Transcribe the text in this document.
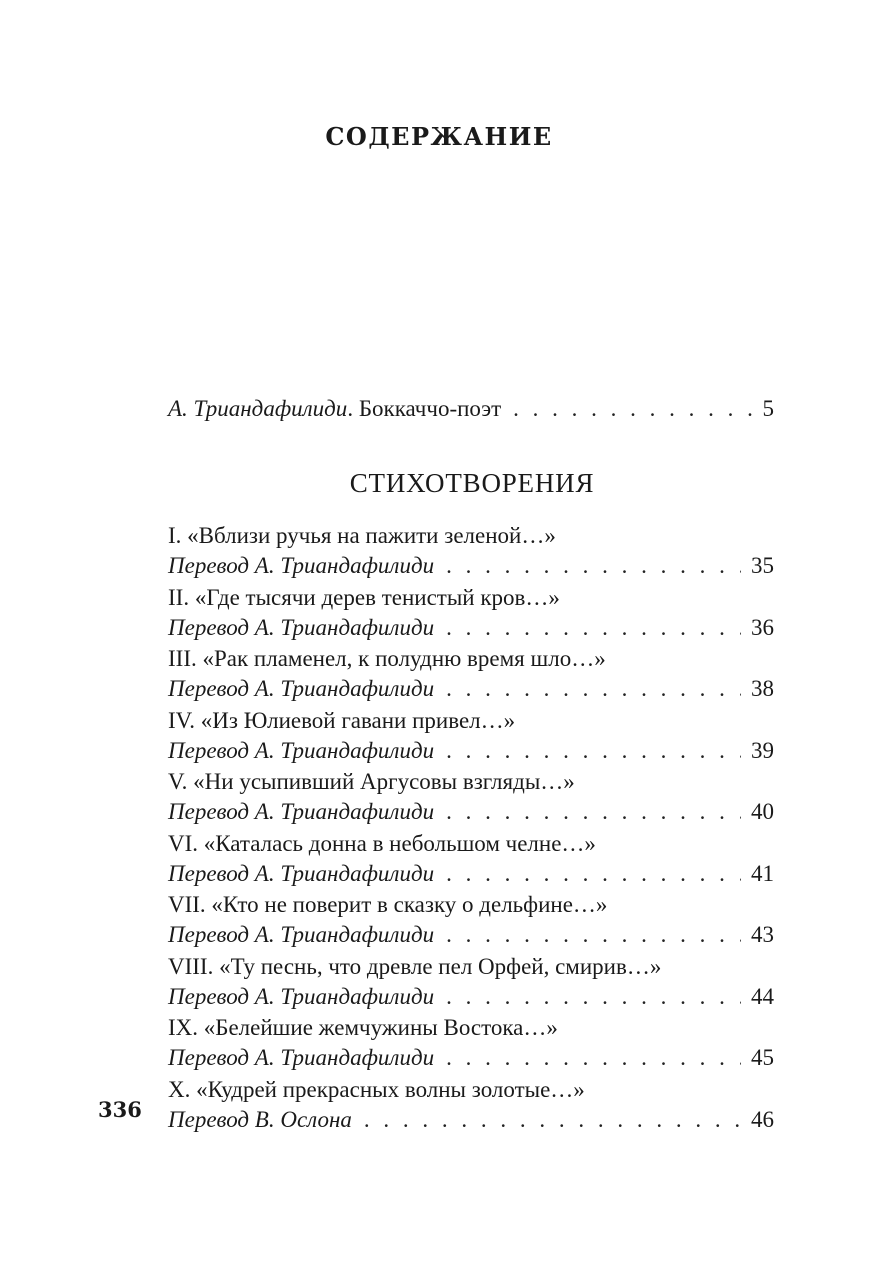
СОДЕРЖАНИЕ
А. Триандафилиди . Боккаччо-поэт . . .	5
СТИХОТВОРЕНИЯ
I. «Вблизи ручья на пажити зеленой…»
Перевод А. Триандафилиди . . .	35
II. «Где тысячи дерев тенистый кров…»
Перевод А. Триандафилиди . . .	36
III. «Рак пламенел, к полудню время шло…»
Перевод А. Триандафилиди . . .	38
IV. «Из Юлиевой гавани привел…»
Перевод А. Триандафилиди . . .	39
V. «Ни усыпивший Аргусовы взгляды…»
Перевод А. Триандафилиди . . .	40
VI. «Каталась донна в небольшом челне…»
Перевод А. Триандафилиди . . .	41
VII. «Кто не поверит в сказку о дельфине…»
Перевод А. Триандафилиди . . .	43
VIII. «Ту песнь, что древле пел Орфей, смирив…»
Перевод А. Триандафилиди . . .	44
IX. «Белейшие жемчужины Востока…»
Перевод А. Триандафилиди . . .	45
X. «Кудрей прекрасных волны золотые…»
Перевод В. Ослона . . .	46
336
